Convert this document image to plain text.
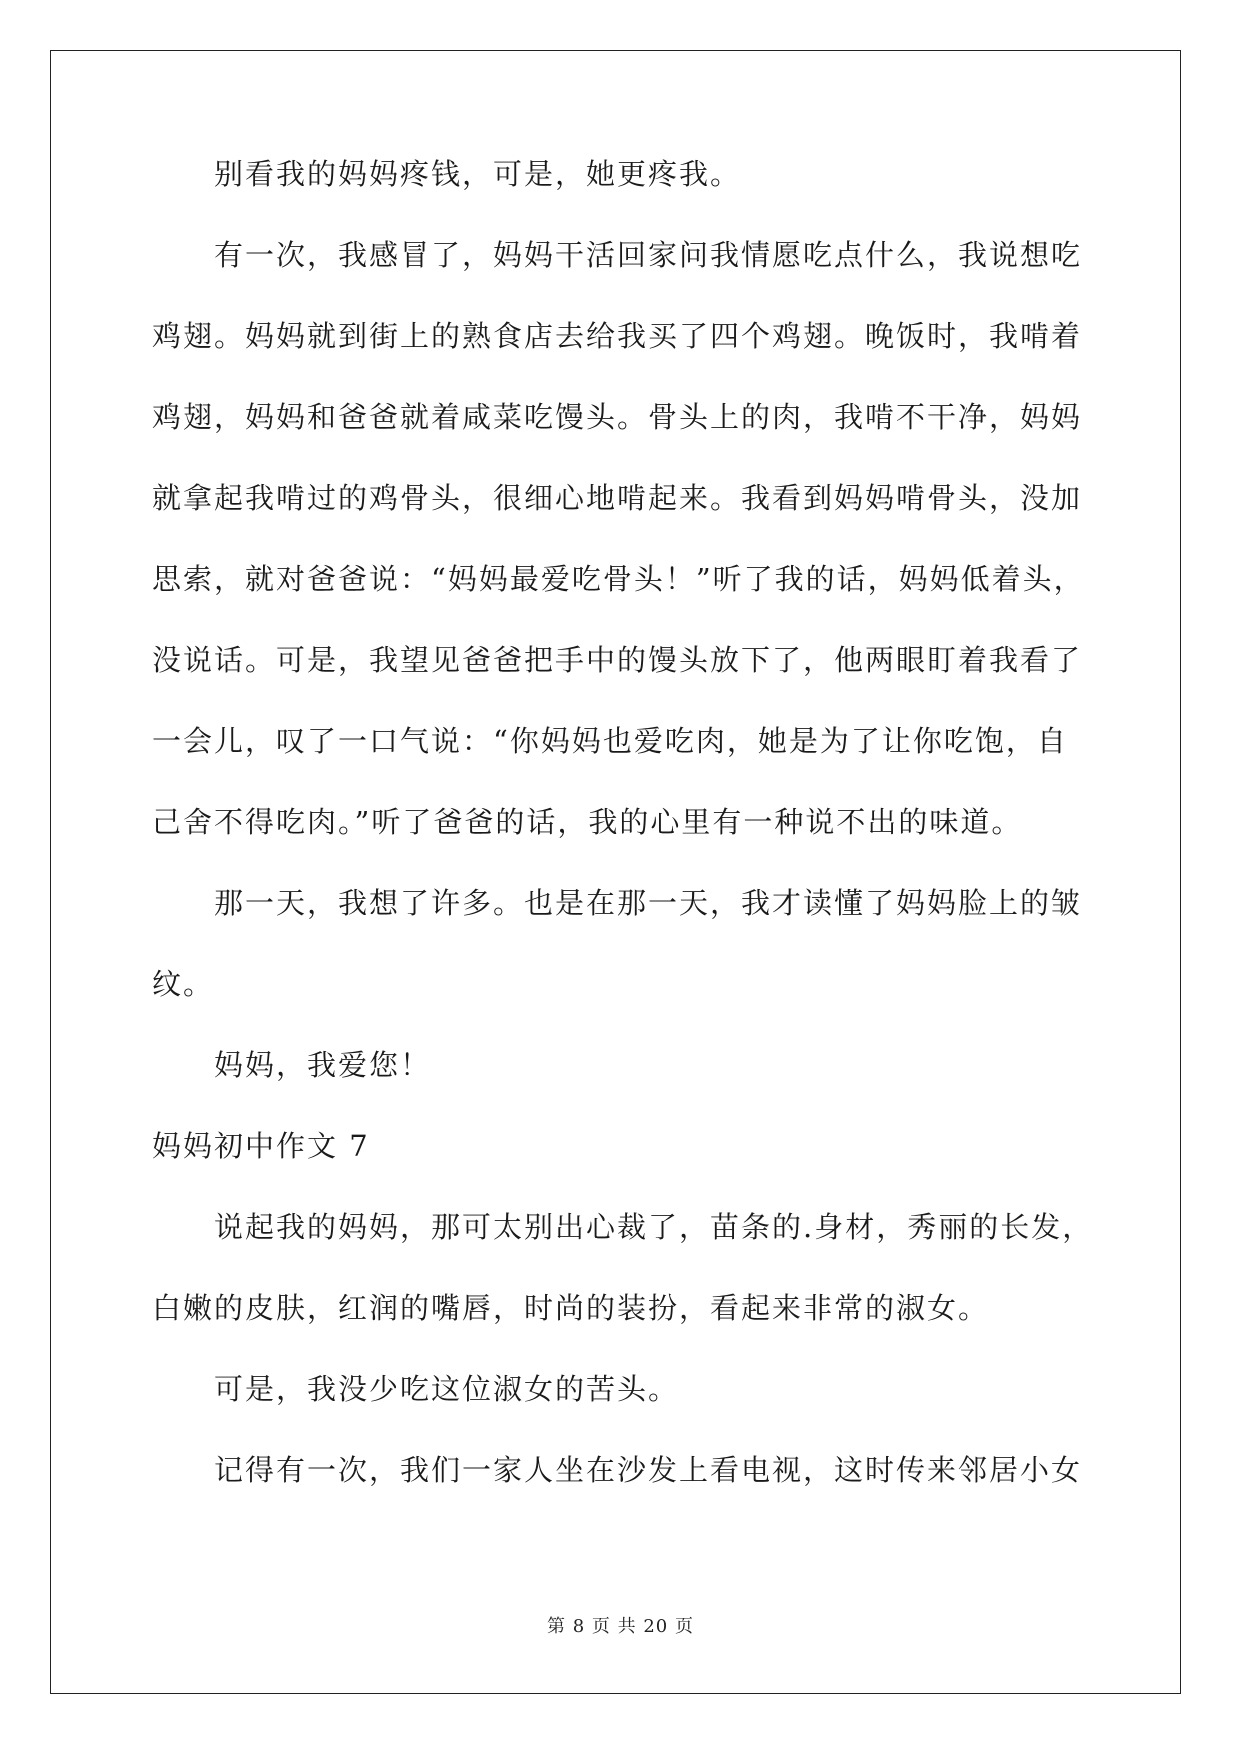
别看我的妈妈疼钱，可是，她更疼我。
有一次，我感冒了，妈妈干活回家问我情愿吃点什么，我说想吃
鸡翅。妈妈就到街上的熟食店去给我买了四个鸡翅。晚饭时，我啃着
鸡翅，妈妈和爸爸就着咸菜吃馒头。骨头上的肉，我啃不干净，妈妈
就拿起我啃过的鸡骨头，很细心地啃起来。我看到妈妈啃骨头，没加
思索，就对爸爸说：“妈妈最爱吃骨头！”听了我的话，妈妈低着头，
没说话。可是，我望见爸爸把手中的馒头放下了，他两眼盯着我看了
一会儿，叹了一口气说：“你妈妈也爱吃肉，她是为了让你吃饱，自
己舍不得吃肉。”听了爸爸的话，我的心里有一种说不出的味道。
那一天，我想了许多。也是在那一天，我才读懂了妈妈脸上的皱
纹。
妈妈，我爱您！
妈妈初中作文 7
说起我的妈妈，那可太别出心裁了，苗条的.身材，秀丽的长发，
白嫩的皮肤，红润的嘴唇，时尚的装扮，看起来非常的淑女。
可是，我没少吃这位淑女的苦头。
记得有一次，我们一家人坐在沙发上看电视，这时传来邻居小女
第 8 页 共 20 页
